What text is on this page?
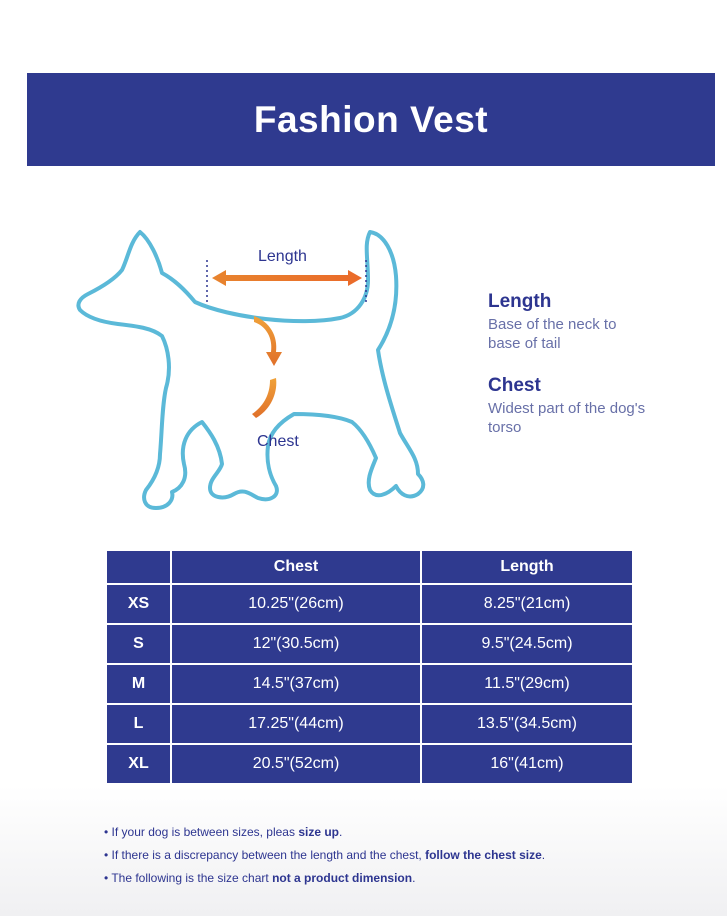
Fashion Vest
Length
Chest

Length

Base of the neck to base of tail

Chest

Widest part of the dog's torso
	Chest	Length
XS	10.25"(26cm)	8.25"(21cm)
S	12"(30.5cm)	9.5"(24.5cm)
M	14.5"(37cm)	11.5"(29cm)
L	17.25"(44cm)	13.5"(34.5cm)
XL	20.5"(52cm)	16"(41cm)
• If your dog is between sizes, pleas size up.
• If there is a discrepancy between the length and the chest, follow the chest size.
• The following is the size chart not a product dimension.
